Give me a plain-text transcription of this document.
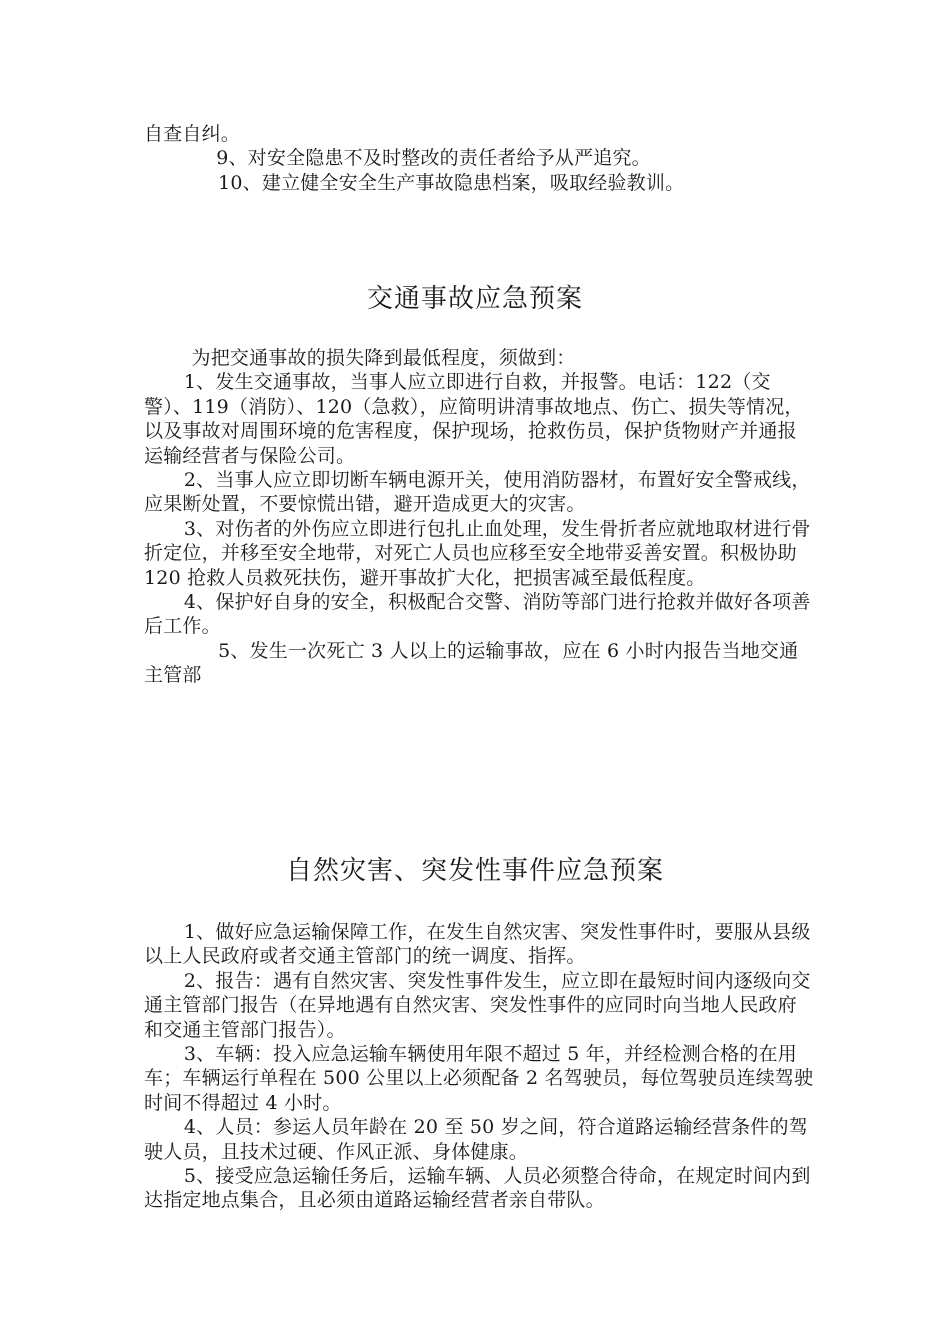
自查自纠。

9、对安全隐患不及时整改的责任者给予从严追究。

10、建立健全安全生产事故隐患档案，吸取经验教训。

交通事故应急预案

为把交通事故的损失降到最低程度，须做到：

1、发生交通事故，当事人应立即进行自救，并报警。电话：122（交警）、119（消防）、120（急救），应简明讲清事故地点、伤亡、损失等情况，以及事故对周围环境的危害程度，保护现场，抢救伤员，保护货物财产并通报运输经营者与保险公司。

2、当事人应立即切断车辆电源开关，使用消防器材，布置好安全警戒线，应果断处置，不要惊慌出错，避开造成更大的灾害。

3、对伤者的外伤应立即进行包扎止血处理，发生骨折者应就地取材进行骨折定位，并移至安全地带，对死亡人员也应移至安全地带妥善安置。积极协助 120 抢救人员救死扶伤，避开事故扩大化，把损害减至最低程度。

4、保护好自身的安全，积极配合交警、消防等部门进行抢救并做好各项善后工作。

5、发生一次死亡 3 人以上的运输事故，应在 6 小时内报告当地交通主管部

自然灾害、突发性事件应急预案

1、做好应急运输保障工作，在发生自然灾害、突发性事件时，要服从县级以上人民政府或者交通主管部门的统一调度、指挥。

2、报告：遇有自然灾害、突发性事件发生，应立即在最短时间内逐级向交通主管部门报告（在异地遇有自然灾害、突发性事件的应同时向当地人民政府和交通主管部门报告）。

3、车辆：投入应急运输车辆使用年限不超过 5 年，并经检测合格的在用车；车辆运行单程在 500 公里以上必须配备 2 名驾驶员，每位驾驶员连续驾驶时间不得超过 4 小时。

4、人员：参运人员年龄在 20 至 50 岁之间，符合道路运输经营条件的驾驶人员，且技术过硬、作风正派、身体健康。

5、接受应急运输任务后，运输车辆、人员必须整合待命，在规定时间内到达指定地点集合，且必须由道路运输经营者亲自带队。
